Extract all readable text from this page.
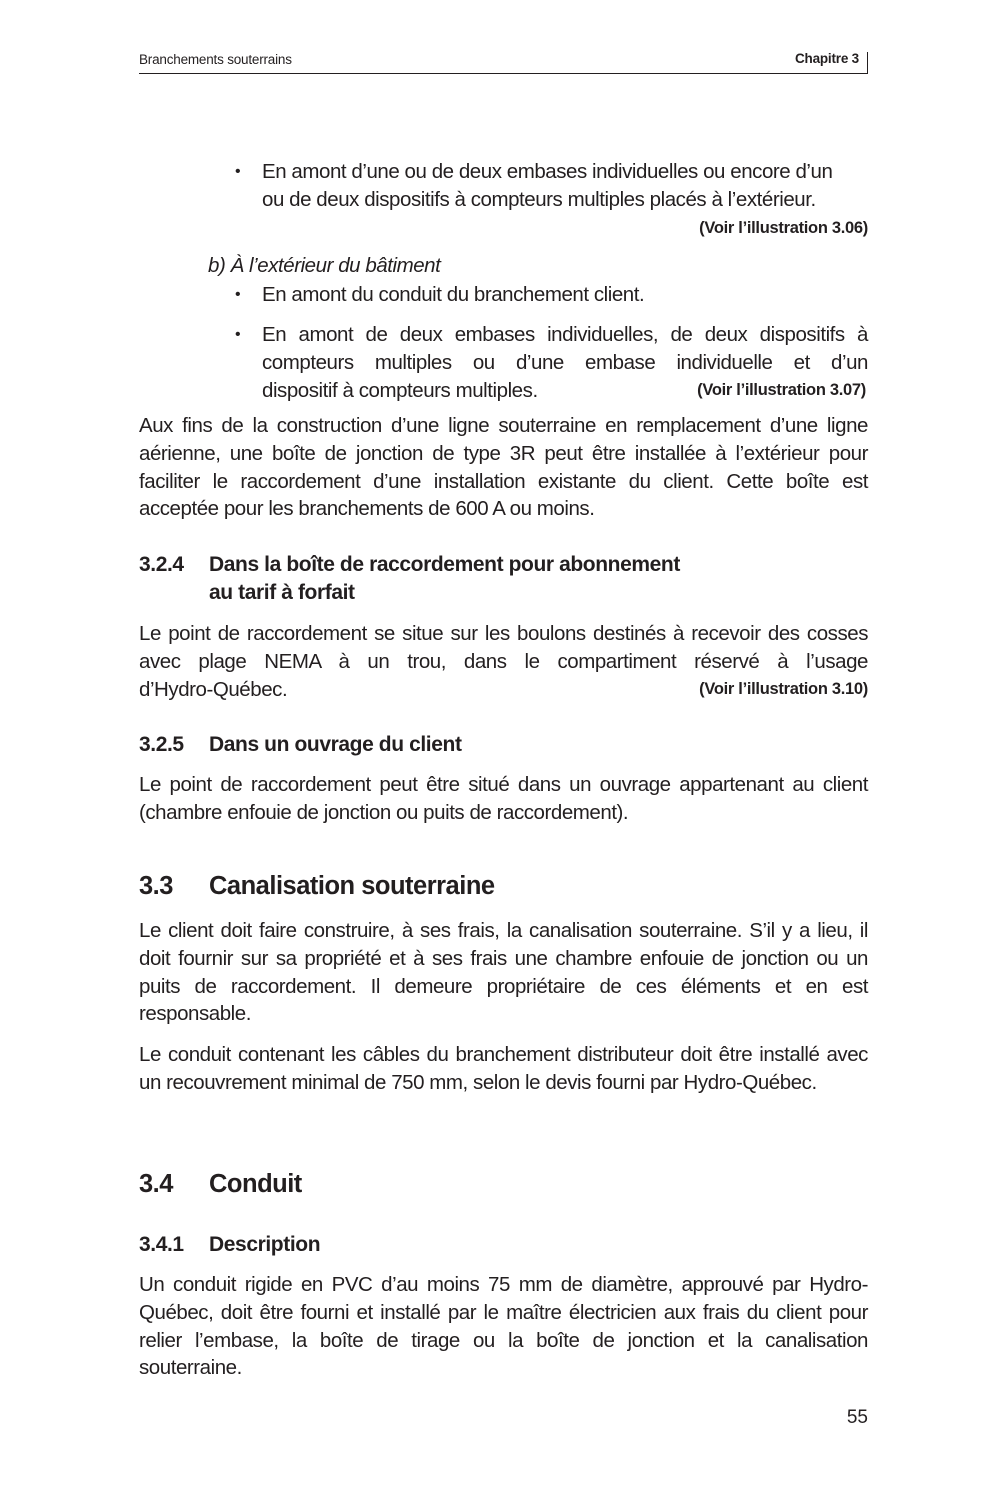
Branchements souterrains	Chapitre 3
• En amont d’une ou de deux embases individuelles ou encore d’un
ou de deux dispositifs à compteurs multiples placés à l’extérieur.
(Voir l’illustration 3.06)
b) À l’extérieur du bâtiment
• En amont du conduit du branchement client.
• En amont de deux embases individuelles, de deux dispositifs à compteurs multiples ou d’une embase individuelle et d’un
dispositif à compteurs multiples.	(Voir l’illustration 3.07)
Aux fins de la construction d’une ligne souterraine en remplacement d’une ligne aérienne, une boîte de jonction de type 3R peut être installée à l’extérieur pour faciliter le raccordement d’une installation existante du client. Cette boîte est acceptée pour les branchements de 600 A ou moins.
3.2.4 Dans la boîte de raccordement pour abonnement
au tarif à forfait
Le point de raccordement se situe sur les boulons destinés à recevoir des cosses avec plage NEMA à un trou, dans le compartiment réservé à l’usage
d’Hydro-Québec.	(Voir l’illustration 3.10)
3.2.5 Dans un ouvrage du client
Le point de raccordement peut être situé dans un ouvrage appartenant au client (chambre enfouie de jonction ou puits de raccordement).
3.3 Canalisation souterraine
Le client doit faire construire, à ses frais, la canalisation souterraine. S’il y a lieu, il doit fournir sur sa propriété et à ses frais une chambre enfouie de jonction ou un puits de raccordement. Il demeure propriétaire de ces éléments et en est responsable.
Le conduit contenant les câbles du branchement distributeur doit être installé avec un recouvrement minimal de 750 mm, selon le devis fourni par Hydro-Québec.
3.4 Conduit
3.4.1 Description
Un conduit rigide en PVC d’au moins 75 mm de diamètre, approuvé par Hydro-Québec, doit être fourni et installé par le maître électricien aux frais du client pour relier l’embase, la boîte de tirage ou la boîte de jonction et la canalisation souterraine.
55
